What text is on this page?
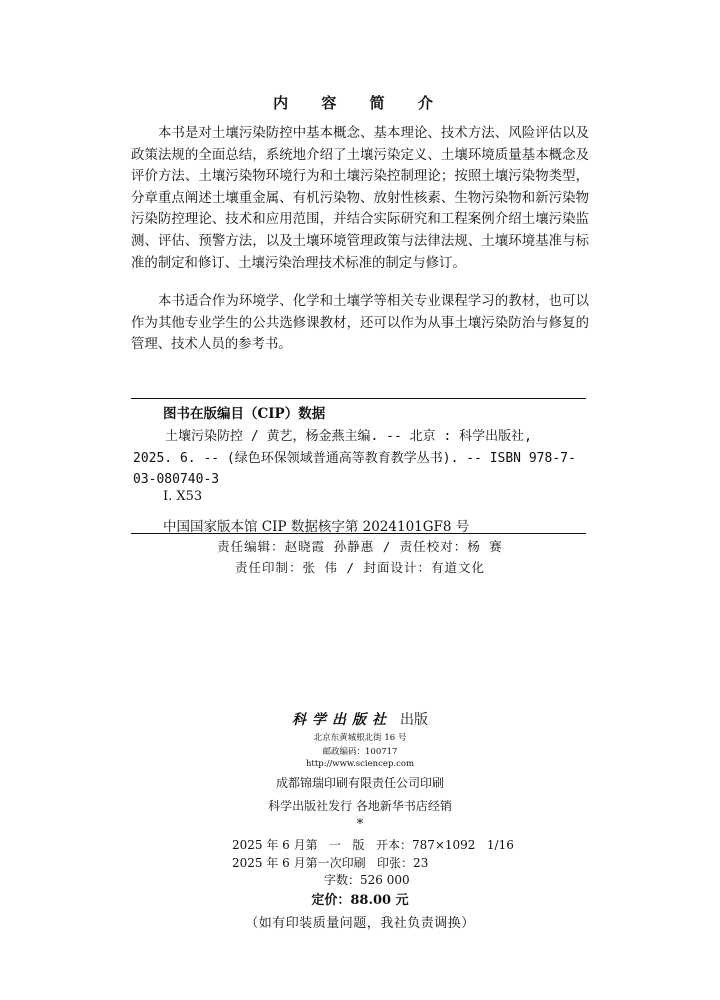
内 容 简 介

本书是对土壤污染防控中基本概念、基本理论、技术方法、风险评估以及政策法规的全面总结，系统地介绍了土壤污染定义、土壤环境质量基本概念及评价方法、土壤污染物环境行为和土壤污染控制理论；按照土壤污染物类型，分章重点阐述土壤重金属、有机污染物、放射性核素、生物污染物和新污染物污染防控理论、技术和应用范围，并结合实际研究和工程案例介绍土壤污染监测、评估、预警方法，以及土壤环境管理政策与法律法规、土壤环境基准与标准的制定和修订、土壤污染治理技术标准的制定与修订。

本书适合作为环境学、化学和土壤学等相关专业课程学习的教材，也可以作为其他专业学生的公共选修课教材，还可以作为从事土壤污染防治与修复的管理、技术人员的参考书。

图书在版编目（CIP）数据

土壤污染防控 / 黄艺，杨金燕主编. -- 北京 : 科学出版社,

2025. 6. -- (绿色环保领域普通高等教育教学丛书). -- ISBN 978-7-

03-080740-3

Ⅰ. X53
中国国家版本馆 CIP 数据核字第 2024101GF8 号
责任编辑：赵晓霞 孙静惠 / 责任校对：杨 赛
责任印制：张 伟 / 封面设计：有道文化
科学出版社 出版
北京东黄城根北街 16 号
邮政编码：100717
http://www.sciencep.com
成都锦瑞印刷有限责任公司印刷
科学出版社发行 各地新华书店经销
*
2025 年 6 月第   一   版   开本：787×1092   1/16
2025 年 6 月第一次印刷   印张：23
字数：526 000
定价：88.00 元
（如有印装质量问题，我社负责调换）
